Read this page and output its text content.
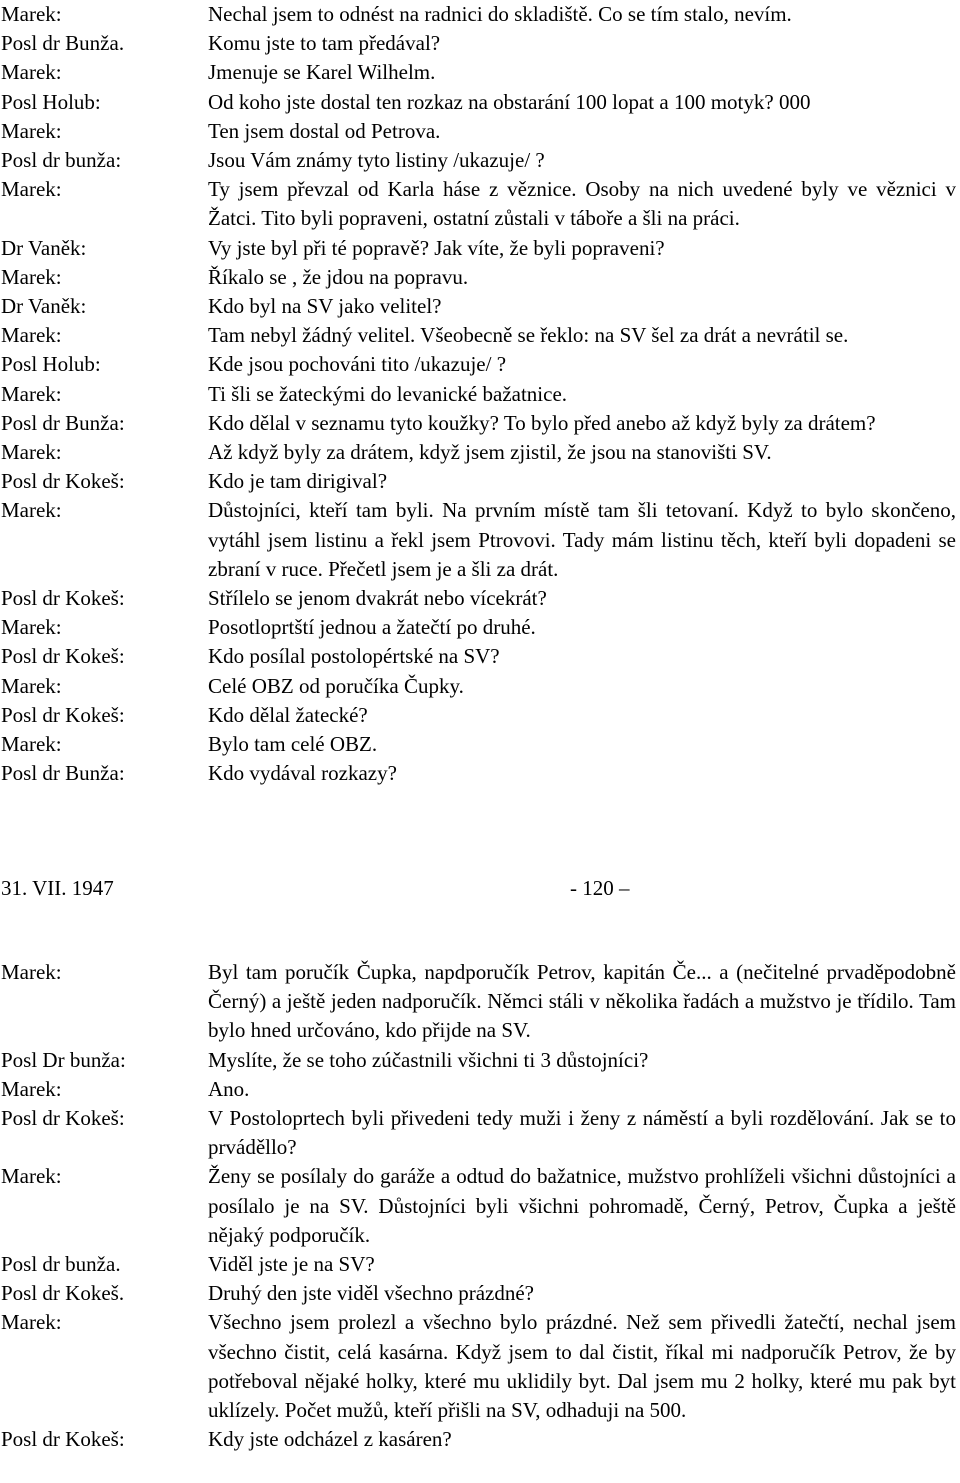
Marek:	Nechal jsem to odnést na radnici do skladiště. Co se tím stalo, nevím.
Posl dr Bunža.	Komu jste to tam předával?
Marek:	Jmenuje se Karel Wilhelm.
Posl Holub:	Od koho jste dostal ten rozkaz na obstarání 100 lopat a 100 motyk? 000
Marek:	Ten jsem dostal od Petrova.
Posl dr bunža:	Jsou Vám známy tyto listiny /ukazuje/ ?
Marek:	Ty jsem převzal od Karla háse z věznice. Osoby na nich uvedené byly ve věznici v Žatci. Tito byli popraveni, ostatní zůstali v táboře a šli na práci.
Dr Vaněk:	Vy jste byl při té popravě? Jak víte, že byli popraveni?
Marek:	Říkalo se , že jdou na popravu.
Dr Vaněk:	Kdo byl na SV jako velitel?
Marek:	Tam nebyl žádný velitel. Všeobecně se řeklo: na SV šel za drát a nevrátil se.
Posl Holub:	Kde jsou pochováni tito /ukazuje/ ?
Marek:	Ti šli se žateckými do levanické bažatnice.
Posl dr Bunža:	Kdo dělal v seznamu tyto koužky? To bylo před anebo až když byly za drátem?
Marek:	Až když byly za drátem, když jsem zjistil, že jsou na stanovišti SV.
Posl dr Kokeš:	Kdo je tam dirigival?
Marek:	Důstojníci, kteří tam byli. Na prvním místě tam šli tetovaní. Když to bylo skončeno, vytáhl jsem listinu a řekl jsem Ptrovovi. Tady mám listinu těch, kteří byli dopadeni se zbraní v ruce. Přečetl jsem je a šli za drát.
Posl dr Kokeš:	Střílelo se jenom dvakrát nebo vícekrát?
Marek:	Posotloprtští jednou a žatečtí po druhé.
Posl dr Kokeš:	Kdo posílal postolopértské na SV?
Marek:	Celé OBZ od poručíka Čupky.
Posl dr Kokeš:	Kdo dělal žatecké?
Marek:	Bylo tam celé OBZ.
Posl dr Bunža:	Kdo vydával rozkazy?
31. VII. 1947	- 120 –
Marek:	Byl tam poručík Čupka, napdporučík Petrov, kapitán Če... a (nečitelné prvaděpodobně Černý) a ještě jeden nadporučík. Němci stáli v několika řadách a mužstvo je třídilo. Tam bylo hned určováno, kdo přijde na SV.
Posl Dr bunža:	Myslíte, že se toho zúčastnili všichni ti 3 důstojníci?
Marek:	Ano.
Posl dr Kokeš:	V Postoloprtech byli přivedeni tedy muži i ženy z náměstí a byli rozdělování. Jak se to prváděllo?
Marek:	Ženy se posílaly do garáže a odtud do bažatnice, mužstvo prohlíželi všichni důstojníci a posílalo je na SV. Důstojníci byli všichni pohromadě, Černý, Petrov, Čupka a ještě nějaký podporučík.
Posl dr bunža.	Viděl jste je na SV?
Posl dr Kokeš.	Druhý den jste viděl všechno prázdné?
Marek:	Všechno jsem prolezl a všechno bylo prázdné. Než sem přivedli žatečtí, nechal jsem všechno čistit, celá kasárna. Když jsem to dal čistit, říkal mi nadporučík Petrov, že by potřeboval nějaké holky, které mu uklidily byt. Dal jsem mu 2 holky, které mu pak byt uklízely. Počet mužů, kteří přišli na SV, odhaduji na 500.
Posl dr Kokeš:	Kdy jste odcházel z kasáren?
